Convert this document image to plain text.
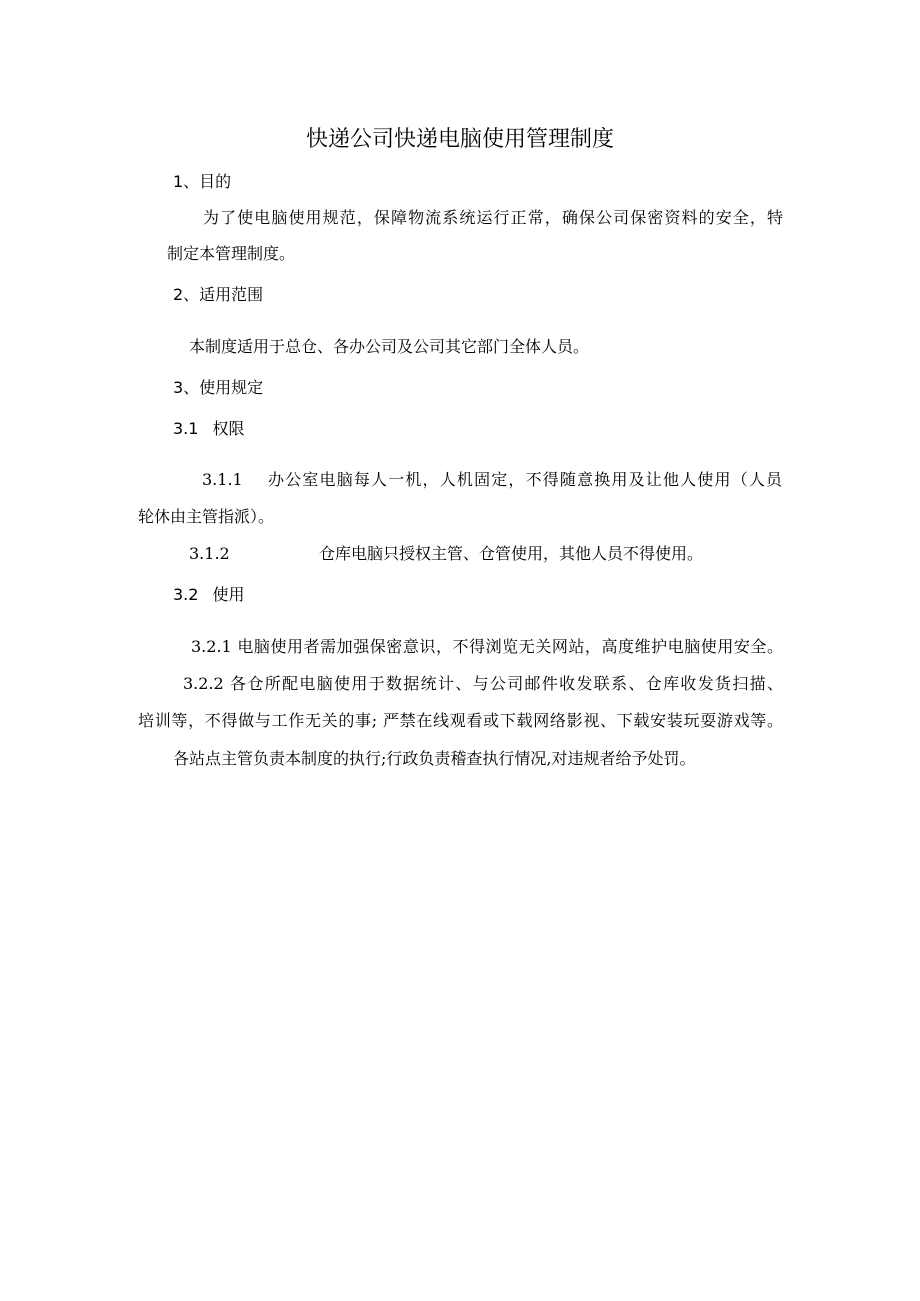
快递公司快递电脑使用管理制度
1、目的
为了使电脑使用规范，保障物流系统运行正常，确保公司保密资料的安全，特
制定本管理制度。
2、适用范围
本制度适用于总仓、各办公司及公司其它部门全体人员。
3、使用规定
3.1 权限
3.1.1 办公室电脑每人一机，人机固定，不得随意换用及让他人使用（人员
轮休由主管指派）。
3.1.2	仓库电脑只授权主管、仓管使用，其他人员不得使用。
3.2 使用
3.2.1 电脑使用者需加强保密意识，不得浏览无关网站，高度维护电脑使用安全。
3.2.2 各仓所配电脑使用于数据统计、与公司邮件收发联系、仓库收发货扫描、
培训等，不得做与工作无关的事; 严禁在线观看或下载网络影视、下载安装玩耍游戏等。
各站点主管负责本制度的执行;行政负责稽查执行情况,对违规者给予处罚。
